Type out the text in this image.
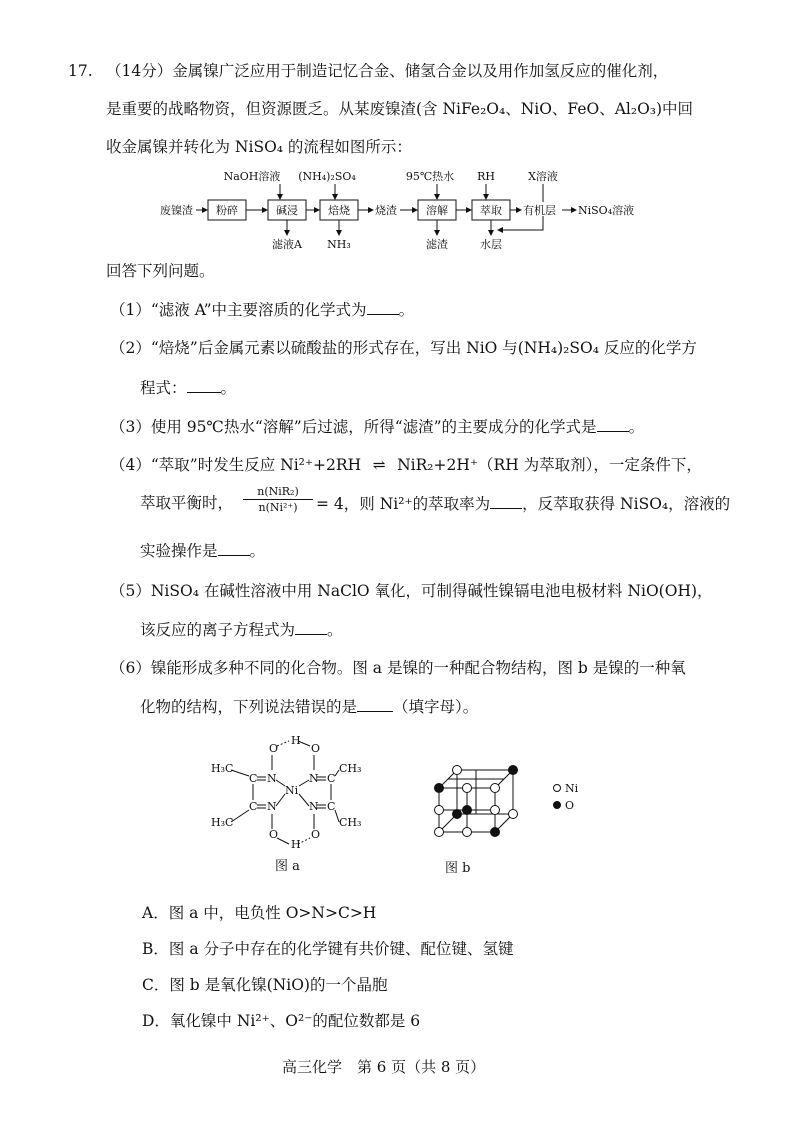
17. （14分）金属镍广泛应用于制造记忆合金、储氢合金以及用作加氢反应的催化剂，
是重要的战略物资，但资源匮乏。从某废镍渣(含 NiFe₂O₄、NiO、FeO、Al₂O₃)中回
收金属镍并转化为 NiSO₄ 的流程如图所示：
NaOH溶液 (NH₄)₂SO₄	95℃热水 RH	X溶液
废镍渣 粉碎	碱浸	焙烧 烧渣	溶解	萃取 有机层 NiSO₄溶液
滤液A NH₃	滤渣	水层
回答下列问题。
（1）“滤液 A”中主要溶质的化学式为 。
（2）“焙烧”后金属元素以硫酸盐的形式存在，写出 NiO 与(NH₄)₂SO₄ 反应的化学方
程式： 。
（3）使用 95℃热水“溶解”后过滤，所得“滤渣”的主要成分的化学式是 。
（4）“萃取”时发生反应 Ni²⁺+2RH ⇌ NiR₂+2H⁺（RH 为萃取剂），一定条件下，
萃取平衡时，
n(NiR₂)
n(Ni²⁺)	= 4，则 Ni²⁺的萃取率为 ，反萃取获得 NiSO₄，溶液的
实验操作是 。
（5）NiSO₄ 在碱性溶液中用 NaClO 氧化，可制得碱性镍镉电池电极材料 NiO(OH)，
该反应的离子方程式为 。
（6）镍能形成多种不同的化合物。图 a 是镍的一种配合物结构，图 b 是镍的一种氧
化物的结构，下列说法错误的是 （填字母）。
O
H
O
H₃C	CH₃
C N	N C
Ni
C N	N C
H₃C	CH₃
O
H
O
图 a
Ni
O
图 b
A．图 a 中，电负性 O>N>C>H
B．图 a 分子中存在的化学键有共价键、配位键、氢键
C．图 b 是氧化镍(NiO)的一个晶胞
D．氧化镍中 Ni²⁺、O²⁻的配位数都是 6
高三化学　第 6 页（共 8 页）
